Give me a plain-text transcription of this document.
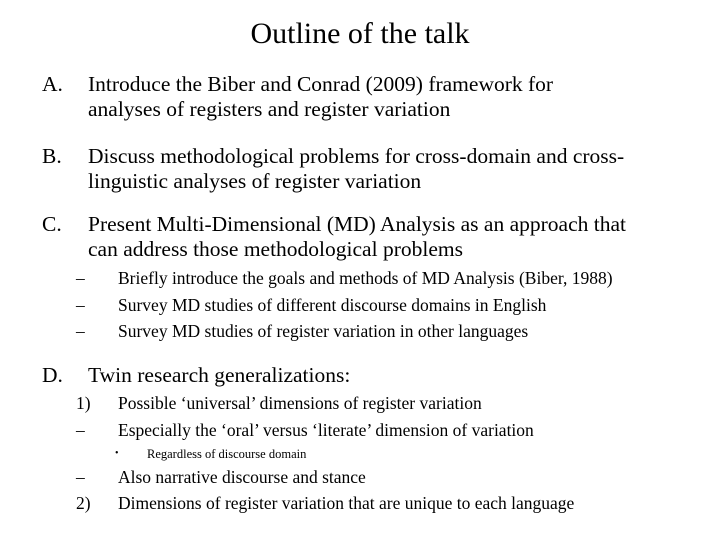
Outline of the talk
A. Introduce the Biber and Conrad (2009) framework for
analyses of registers and register variation
B. Discuss methodological problems for cross-domain and cross-
linguistic analyses of register variation
C. Present Multi-Dimensional (MD) Analysis as an approach that
can address those methodological problems
– Briefly introduce the goals and methods of MD Analysis (Biber, 1988)
– Survey MD studies of different discourse domains in English
– Survey MD studies of register variation in other languages
D. Twin research generalizations:
1) Possible ‘universal’ dimensions of register variation
– Especially the ‘oral’ versus ‘literate’ dimension of variation
• Regardless of discourse domain
– Also narrative discourse and stance
2) Dimensions of register variation that are unique to each language
